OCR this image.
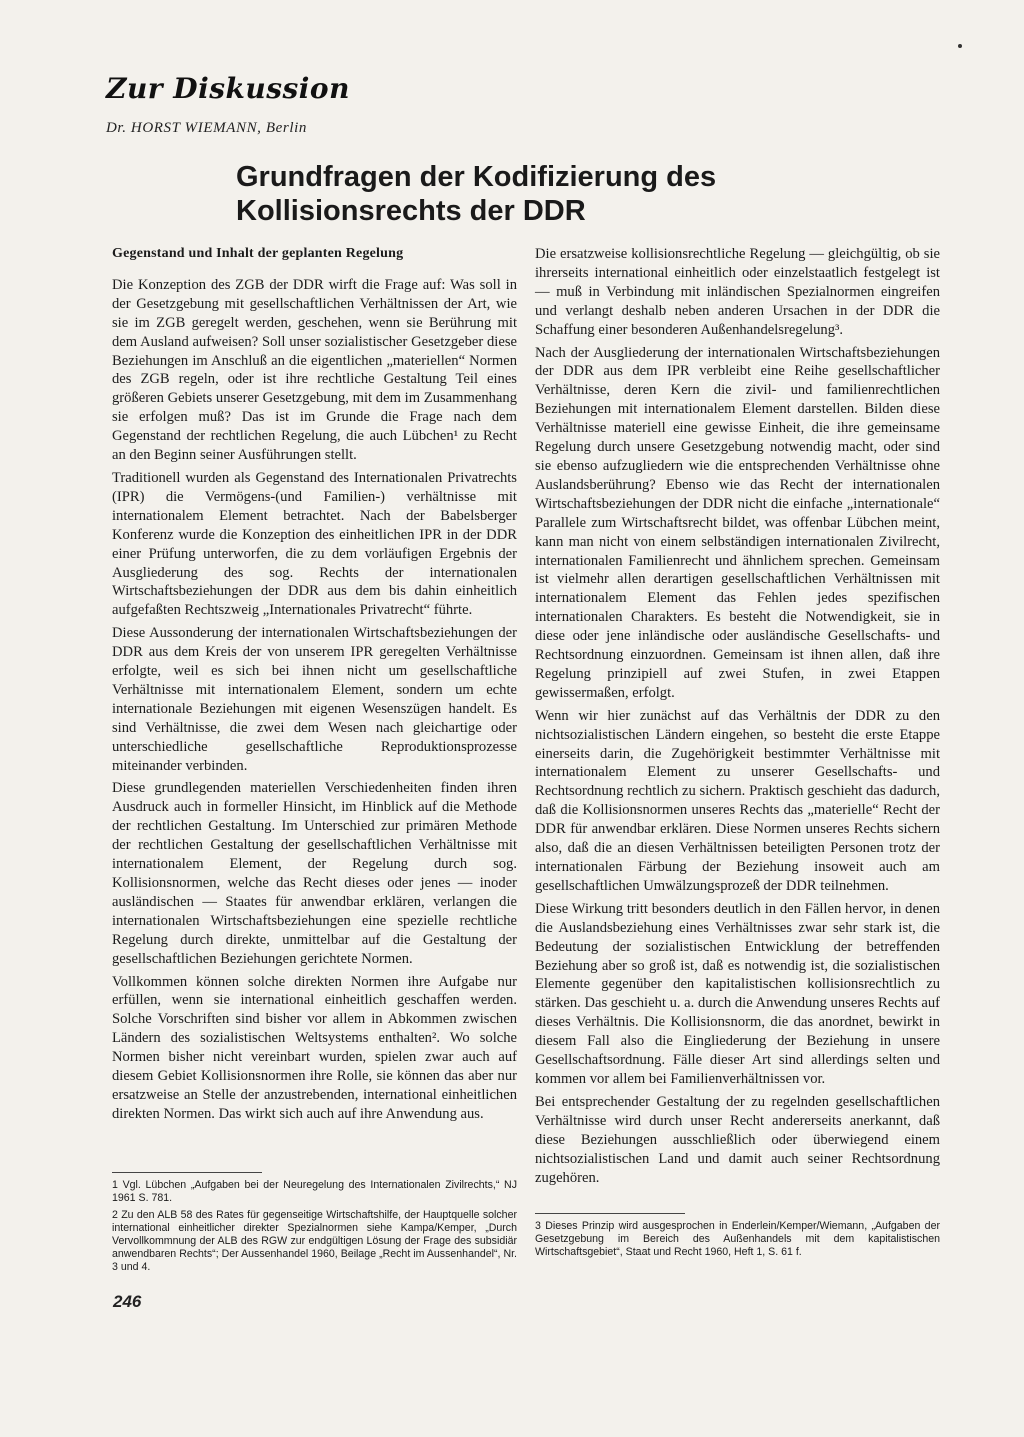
Zur Diskussion
Dr. HORST WIEMANN, Berlin
Grundfragen der Kodifizierung des Kollisionsrechts der DDR

Gegenstand und Inhalt der geplanten Regelung

Die Konzeption des ZGB der DDR wirft die Frage auf: Was soll in der Gesetzgebung mit gesellschaftlichen Verhältnissen der Art, wie sie im ZGB geregelt werden, geschehen, wenn sie Berührung mit dem Ausland aufweisen? Soll unser sozialistischer Gesetzgeber diese Beziehungen im Anschluß an die eigentlichen „materiellen“ Normen des ZGB regeln, oder ist ihre rechtliche Gestaltung Teil eines größeren Gebiets unserer Gesetzgebung, mit dem im Zusammenhang sie erfolgen muß? Das ist im Grunde die Frage nach dem Gegenstand der rechtlichen Regelung, die auch Lübchen¹ zu Recht an den Beginn seiner Ausführungen stellt.

Traditionell wurden als Gegenstand des Internationalen Privatrechts (IPR) die Vermögens-(und Familien-) verhältnisse mit internationalem Element betrachtet. Nach der Babelsberger Konferenz wurde die Konzeption des einheitlichen IPR in der DDR einer Prüfung unterworfen, die zu dem vorläufigen Ergebnis der Ausgliederung des sog. Rechts der internationalen Wirtschaftsbeziehungen der DDR aus dem bis dahin einheitlich aufgefaßten Rechtszweig „Internationales Privatrecht“ führte.

Diese Aussonderung der internationalen Wirtschaftsbeziehungen der DDR aus dem Kreis der von unserem IPR geregelten Verhältnisse erfolgte, weil es sich bei ihnen nicht um gesellschaftliche Verhältnisse mit internationalem Element, sondern um echte internationale Beziehungen mit eigenen Wesenszügen handelt. Es sind Verhältnisse, die zwei dem Wesen nach gleichartige oder unterschiedliche gesellschaftliche Reproduktionsprozesse miteinander verbinden.

Diese grundlegenden materiellen Verschiedenheiten finden ihren Ausdruck auch in formeller Hinsicht, im Hinblick auf die Methode der rechtlichen Gestaltung. Im Unterschied zur primären Methode der rechtlichen Gestaltung der gesellschaftlichen Verhältnisse mit internationalem Element, der Regelung durch sog. Kollisionsnormen, welche das Recht dieses oder jenes — inoder ausländischen — Staates für anwendbar erklären, verlangen die internationalen Wirtschaftsbeziehungen eine spezielle rechtliche Regelung durch direkte, unmittelbar auf die Gestaltung der gesellschaftlichen Beziehungen gerichtete Normen.

Vollkommen können solche direkten Normen ihre Aufgabe nur erfüllen, wenn sie international einheitlich geschaffen werden. Solche Vorschriften sind bisher vor allem in Abkommen zwischen Ländern des sozialistischen Weltsystems enthalten². Wo solche Normen bisher nicht vereinbart wurden, spielen zwar auch auf diesem Gebiet Kollisionsnormen ihre Rolle, sie können das aber nur ersatzweise an Stelle der anzustrebenden, international einheitlichen direkten Normen. Das wirkt sich auch auf ihre Anwendung aus.

Die ersatzweise kollisionsrechtliche Regelung — gleichgültig, ob sie ihrerseits international einheitlich oder einzelstaatlich festgelegt ist — muß in Verbindung mit inländischen Spezialnormen eingreifen und verlangt deshalb neben anderen Ursachen in der DDR die Schaffung einer besonderen Außenhandelsregelung³.

Nach der Ausgliederung der internationalen Wirtschaftsbeziehungen der DDR aus dem IPR verbleibt eine Reihe gesellschaftlicher Verhältnisse, deren Kern die zivil- und familienrechtlichen Beziehungen mit internationalem Element darstellen. Bilden diese Verhältnisse materiell eine gewisse Einheit, die ihre gemeinsame Regelung durch unsere Gesetzgebung notwendig macht, oder sind sie ebenso aufzugliedern wie die entsprechenden Verhältnisse ohne Auslandsberührung? Ebenso wie das Recht der internationalen Wirtschaftsbeziehungen der DDR nicht die einfache „internationale“ Parallele zum Wirtschaftsrecht bildet, was offenbar Lübchen meint, kann man nicht von einem selbständigen internationalen Zivilrecht, internationalen Familienrecht und ähnlichem sprechen. Gemeinsam ist vielmehr allen derartigen gesellschaftlichen Verhältnissen mit internationalem Element das Fehlen jedes spezifischen internationalen Charakters. Es besteht die Notwendigkeit, sie in diese oder jene inländische oder ausländische Gesellschafts- und Rechtsordnung einzuordnen. Gemeinsam ist ihnen allen, daß ihre Regelung prinzipiell auf zwei Stufen, in zwei Etappen gewissermaßen, erfolgt.

Wenn wir hier zunächst auf das Verhältnis der DDR zu den nichtsozialistischen Ländern eingehen, so besteht die erste Etappe einerseits darin, die Zugehörigkeit bestimmter Verhältnisse mit internationalem Element zu unserer Gesellschafts- und Rechtsordnung rechtlich zu sichern. Praktisch geschieht das dadurch, daß die Kollisionsnormen unseres Rechts das „materielle“ Recht der DDR für anwendbar erklären. Diese Normen unseres Rechts sichern also, daß die an diesen Verhältnissen beteiligten Personen trotz der internationalen Färbung der Beziehung insoweit auch am gesellschaftlichen Umwälzungsprozeß der DDR teilnehmen.

Diese Wirkung tritt besonders deutlich in den Fällen hervor, in denen die Auslandsbeziehung eines Verhältnisses zwar sehr stark ist, die Bedeutung der sozialistischen Entwicklung der betreffenden Beziehung aber so groß ist, daß es notwendig ist, die sozialistischen Elemente gegenüber den kapitalistischen kollisionsrechtlich zu stärken. Das geschieht u. a. durch die Anwendung unseres Rechts auf dieses Verhältnis. Die Kollisionsnorm, die das anordnet, bewirkt in diesem Fall also die Eingliederung der Beziehung in unsere Gesellschaftsordnung. Fälle dieser Art sind allerdings selten und kommen vor allem bei Familienverhältnissen vor.

Bei entsprechender Gestaltung der zu regelnden gesellschaftlichen Verhältnisse wird durch unser Recht andererseits anerkannt, daß diese Beziehungen ausschließlich oder überwiegend einem nichtsozialistischen Land und damit auch seiner Rechtsordnung zugehören.

1 Vgl. Lübchen „Aufgaben bei der Neuregelung des Internationalen Zivilrechts,“ NJ 1961 S. 781.

2 Zu den ALB 58 des Rates für gegenseitige Wirtschaftshilfe, der Hauptquelle solcher international einheitlicher direkter Spezialnormen siehe Kampa/Kemper, „Durch Vervollkommnung der ALB des RGW zur endgültigen Lösung der Frage des subsidiär anwendbaren Rechts“; Der Aussenhandel 1960, Beilage „Recht im Aussenhandel“, Nr. 3 und 4.

3 Dieses Prinzip wird ausgesprochen in Enderlein/Kemper/Wiemann, „Aufgaben der Gesetzgebung im Bereich des Außenhandels mit dem kapitalistischen Wirtschaftsgebiet“, Staat und Recht 1960, Heft 1, S. 61 f.

246
